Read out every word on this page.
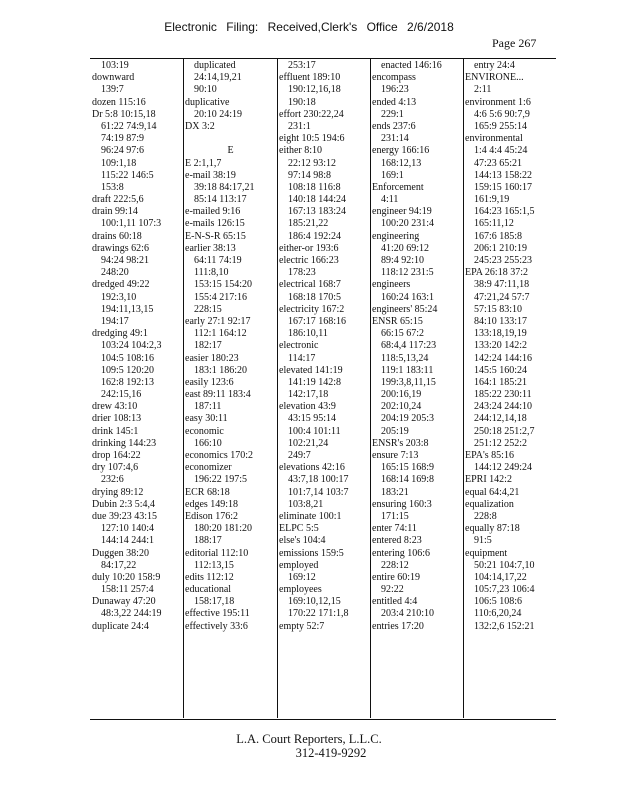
Electronic Filing: Received,Clerk's Office 2/6/2018
Page 267
103:19
downward
139:7
dozen 115:16
Dr 5:8 10:15,18
61:22 74:9,14
74:19 87:9
96:24 97:6
109:1,18
115:22 146:5
153:8
draft 222:5,6
drain 99:14
100:1,11 107:3
drains 60:18
drawings 62:6
94:24 98:21
248:20
dredged 49:22
192:3,10
194:11,13,15
194:17
dredging 49:1
103:24 104:2,3
104:5 108:16
109:5 120:20
162:8 192:13
242:15,16
drew 43:10
drier 108:13
drink 145:1
drinking 144:23
drop 164:22
dry 107:4,6
232:6
drying 89:12
Dubin 2:3 5:4,4
due 39:23 43:15
127:10 140:4
144:14 244:1
Duggen 38:20
84:17,22
duly 10:20 158:9
158:11 257:4
Dunaway 47:20
48:3,22 244:19
duplicate 24:4
duplicated
24:14,19,21
90:10
duplicative
20:10 24:19
DX 3:2
E
E 2:1,1,7
e-mail 38:19
39:18 84:17,21
85:14 113:17
e-mailed 9:16
e-mails 126:15
E-N-S-R 65:15
earlier 38:13
64:11 74:19
111:8,10
153:15 154:20
155:4 217:16
228:15
early 27:1 92:17
112:1 164:12
182:17
easier 180:23
183:1 186:20
easily 123:6
east 89:11 183:4
187:11
easy 30:11
economic
166:10
economics 170:2
economizer
196:22 197:5
ECR 68:18
edges 149:18
Edison 176:2
180:20 181:20
188:17
editorial 112:10
112:13,15
edits 112:12
educational
158:17,18
effective 195:11
effectively 33:6
253:17
effluent 189:10
190:12,16,18
190:18
effort 230:22,24
231:1
eight 10:5 194:6
either 8:10
22:12 93:12
97:14 98:8
108:18 116:8
140:18 144:24
167:13 183:24
185:21,22
186:4 192:24
either-or 193:6
electric 166:23
178:23
electrical 168:7
168:18 170:5
electricity 167:2
167:17 168:16
186:10,11
electronic
114:17
elevated 141:19
141:19 142:8
142:17,18
elevation 43:9
43:15 95:14
100:4 101:11
102:21,24
249:7
elevations 42:16
43:7,18 100:17
101:7,14 103:7
103:8,21
eliminate 100:1
ELPC 5:5
else's 104:4
emissions 159:5
employed
169:12
employees
169:10,12,15
170:22 171:1,8
empty 52:7
enacted 146:16
encompass
196:23
ended 4:13
229:1
ends 237:6
231:14
energy 166:16
168:12,13
169:1
Enforcement
4:11
engineer 94:19
100:20 231:4
engineering
41:20 69:12
89:4 92:10
118:12 231:5
engineers
160:24 163:1
engineers' 85:24
ENSR 65:15
66:15 67:2
68:4,4 117:23
118:5,13,24
119:1 183:11
199:3,8,11,15
200:16,19
202:10,24
204:19 205:3
205:19
ENSR's 203:8
ensure 7:13
165:15 168:9
168:14 169:8
183:21
ensuring 160:3
171:15
enter 74:11
entered 8:23
entering 106:6
228:12
entire 60:19
92:22
entitled 4:4
203:4 210:10
entries 17:20
entry 24:4
ENVIRONE...
2:11
environment 1:6
4:6 5:6 90:7,9
165:9 255:14
environmental
1:4 4:4 45:24
47:23 65:21
144:13 158:22
159:15 160:17
161:9,19
164:23 165:1,5
165:11,12
167:6 185:8
206:1 210:19
245:23 255:23
EPA 26:18 37:2
38:9 47:11,18
47:21,24 57:7
57:15 83:10
84:10 133:17
133:18,19,19
133:20 142:2
142:24 144:16
145:5 160:24
164:1 185:21
185:22 230:11
243:24 244:10
244:12,14,18
250:18 251:2,7
251:12 252:2
EPA's 85:16
144:12 249:24
EPRI 142:2
equal 64:4,21
equalization
228:8
equally 87:18
91:5
equipment
50:21 104:7,10
104:14,17,22
105:7,23 106:4
106:5 108:6
110:6,20,24
132:2,6 152:21
L.A. Court Reporters, L.L.C.
312-419-9292
